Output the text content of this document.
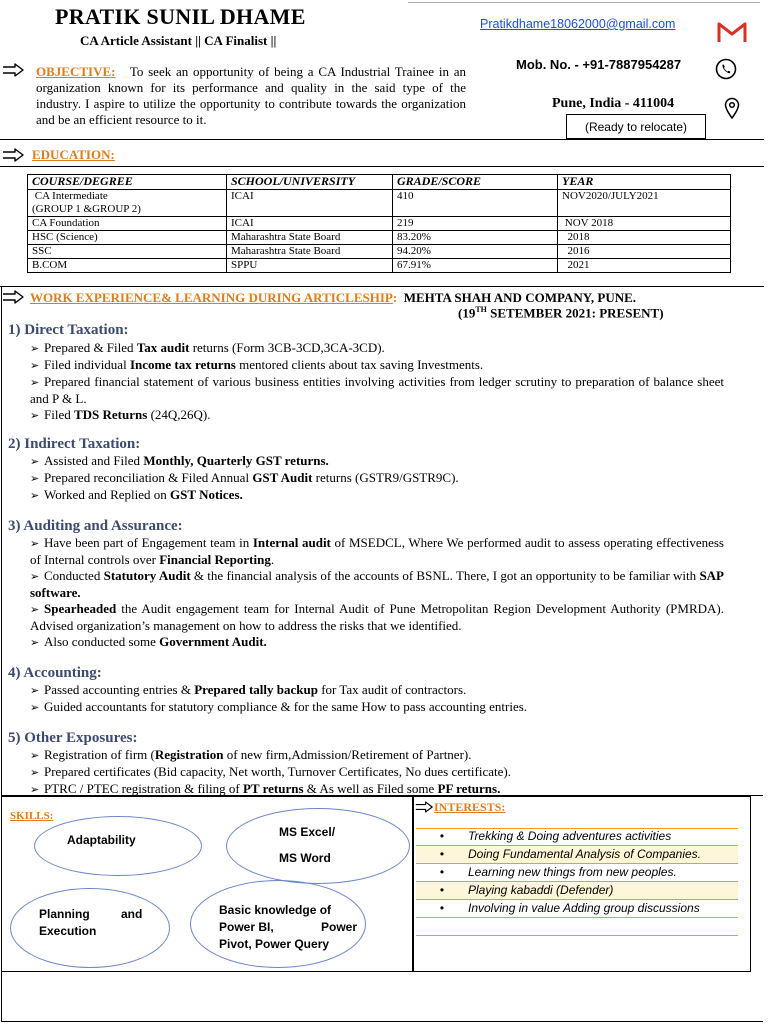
PRATIK SUNIL DHAME
CA Article Assistant || CA Finalist ||
Pratikdhame18062000@gmail.com
Mob. No. - +91-7887954287
Pune, India - 411004
(Ready to relocate)
OBJECTIVE: To seek an opportunity of being a CA Industrial Trainee in an organization known for its performance and quality in the said type of the industry. I aspire to utilize the opportunity to contribute towards the organization and be an efficient resource to it.
EDUCATION:
COURSE/DEGREE	SCHOOL/UNIVERSITY	GRADE/SCORE	YEAR
CA Intermediate
(GROUP 1 &GROUP 2)	ICAI	410	NOV2020/JULY2021
CA Foundation	ICAI	219	NOV 2018
HSC (Science)	Maharashtra State Board	83.20%	2018
SSC	Maharashtra State Board	94.20%	2016
B.COM	SPPU	67.91%	2021
WORK EXPERIENCE& LEARNING DURING ARTICLESHIP: MEHTA SHAH AND COMPANY, PUNE.
(19TH SETEMBER 2021: PRESENT)
1) Direct Taxation:
➢ Prepared & Filed Tax audit returns (Form 3CB-3CD,3CA-3CD).
➢ Filed individual Income tax returns mentored clients about tax saving Investments.
➢ Prepared financial statement of various business entities involving activities from ledger scrutiny to preparation of balance sheet and P & L.
➢ Filed TDS Returns (24Q,26Q).
2) Indirect Taxation:
➢ Assisted and Filed Monthly, Quarterly GST returns.
➢ Prepared reconciliation & Filed Annual GST Audit returns (GSTR9/GSTR9C).
➢ Worked and Replied on GST Notices.
3) Auditing and Assurance:
➢ Have been part of Engagement team in Internal audit of MSEDCL, Where We performed audit to assess operating effectiveness of Internal controls over Financial Reporting.
➢ Conducted Statutory Audit & the financial analysis of the accounts of BSNL. There, I got an opportunity to be familiar with SAP software.
➢ Spearheaded the Audit engagement team for Internal Audit of Pune Metropolitan Region Development Authority (PMRDA). Advised organization’s management on how to address the risks that we identified.
➢ Also conducted some Government Audit.
4) Accounting:
➢ Passed accounting entries & Prepared tally backup for Tax audit of contractors.
➢ Guided accountants for statutory compliance & for the same How to pass accounting entries.
5) Other Exposures:
➢ Registration of firm (Registration of new firm,Admission/Retirement of Partner).
➢ Prepared certificates (Bid capacity, Net worth, Turnover Certificates, No dues certificate).
➢ PTRC / PTEC registration & filing of PT returns & As well as Filed some PF returns.
SKILLS:
Adaptability
MS Excel/
MS Word
Planning	and
Execution
Basic knowledge of
Power BI,	Power
Pivot, Power Query
INTERESTS:
•	Trekking & Doing adventures activities
•	Doing Fundamental Analysis of Companies.
•	Learning new things from new peoples.
•	Playing kabaddi (Defender)
•	Involving in value Adding group discussions
